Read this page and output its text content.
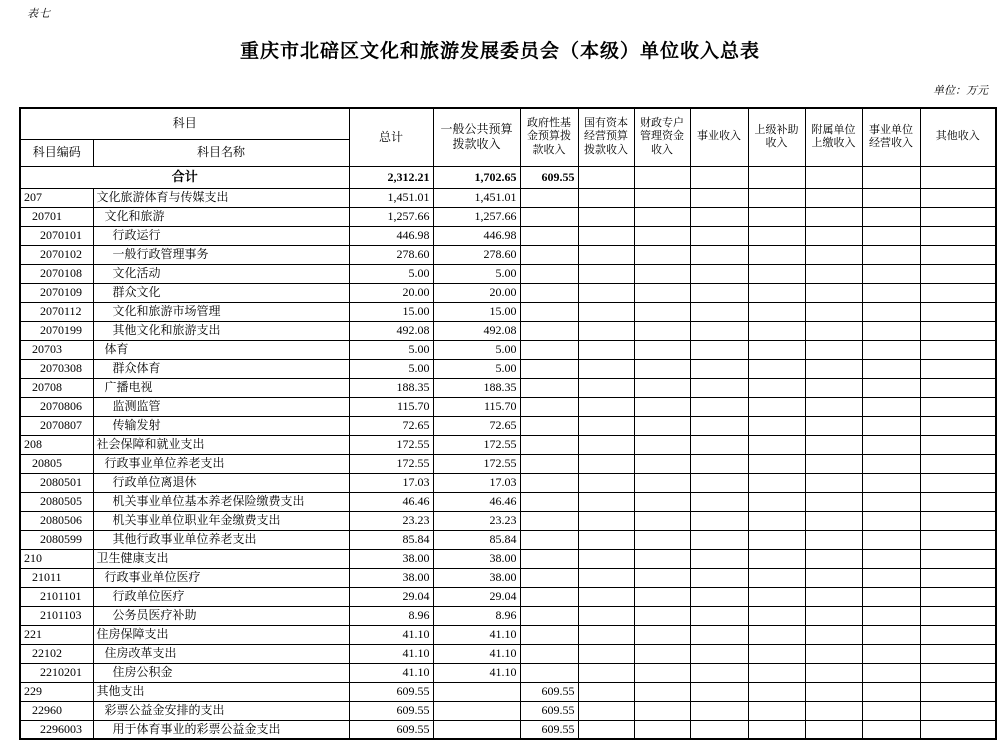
表七
重庆市北碚区文化和旅游发展委员会（本级）单位收入总表
单位：万元
科目		总计	一般公共预算拨款收入	政府性基金预算拨款收入	国有资本经营预算拨款收入	财政专户管理资金收入	事业收入	上级补助收入	附属单位上缴收入	事业单位经营收入	其他收入
科目编码	科目名称										
合计		2,312.21	1,702.65	609.55							
207	文化旅游体育与传媒支出	1,451.01	1,451.01								
20701	文化和旅游	1,257.66	1,257.66								
2070101	行政运行	446.98	446.98								
2070102	一般行政管理事务	278.60	278.60								
2070108	文化活动	5.00	5.00								
2070109	群众文化	20.00	20.00								
2070112	文化和旅游市场管理	15.00	15.00								
2070199	其他文化和旅游支出	492.08	492.08								
20703	体育	5.00	5.00								
2070308	群众体育	5.00	5.00								
20708	广播电视	188.35	188.35								
2070806	监测监管	115.70	115.70								
2070807	传输发射	72.65	72.65								
208	社会保障和就业支出	172.55	172.55								
20805	行政事业单位养老支出	172.55	172.55								
2080501	行政单位离退休	17.03	17.03								
2080505	机关事业单位基本养老保险缴费支出	46.46	46.46								
2080506	机关事业单位职业年金缴费支出	23.23	23.23								
2080599	其他行政事业单位养老支出	85.84	85.84								
210	卫生健康支出	38.00	38.00								
21011	行政事业单位医疗	38.00	38.00								
2101101	行政单位医疗	29.04	29.04								
2101103	公务员医疗补助	8.96	8.96								
221	住房保障支出	41.10	41.10								
22102	住房改革支出	41.10	41.10								
2210201	住房公积金	41.10	41.10								
229	其他支出	609.55		609.55							
22960	彩票公益金安排的支出	609.55		609.55							
2296003	用于体育事业的彩票公益金支出	609.55		609.55							
